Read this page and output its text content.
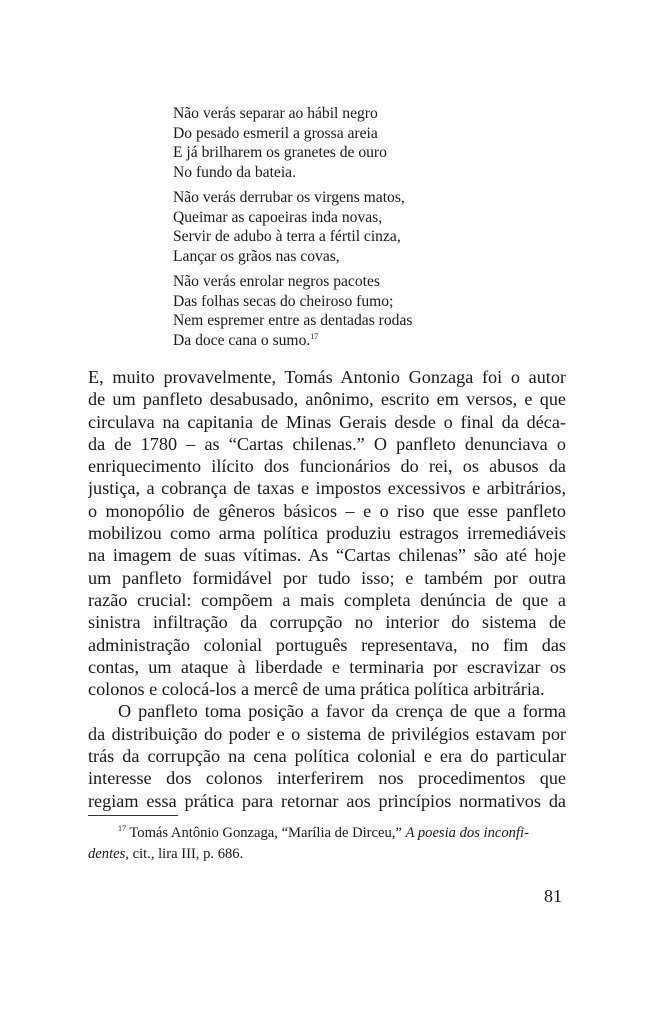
Não verás separar ao hábil negro
Do pesado esmeril a grossa areia
E já brilharem os granetes de ouro
No fundo da bateia.
Não verás derrubar os virgens matos,
Queimar as capoeiras inda novas,
Servir de adubo à terra a fértil cinza,
Lançar os grãos nas covas,
Não verás enrolar negros pacotes
Das folhas secas do cheiroso fumo;
Nem espremer entre as dentadas rodas
Da doce cana o sumo.$^{17}$
E, muito provavelmente, Tomás Antonio Gonzaga foi o autor
de um panfleto desabusado, anônimo, escrito em versos, e que
circulava na capitania de Minas Gerais desde o final da déca-
da de 1780 – as “Cartas chilenas.” O panfleto denunciava o
enriquecimento ilícito dos funcionários do rei, os abusos da
justiça, a cobrança de taxas e impostos excessivos e arbitrários,
o monopólio de gêneros básicos – e o riso que esse panfleto
mobilizou como arma política produziu estragos irremediáveis
na imagem de suas vítimas. As “Cartas chilenas” são até hoje
um panfleto formidável por tudo isso; e também por outra
razão crucial: compõem a mais completa denúncia de que a
sinistra infiltração da corrupção no interior do sistema de
administração colonial português representava, no fim das
contas, um ataque à liberdade e terminaria por escravizar os
colonos e colocá-los a mercê de uma prática política arbitrária.
O panfleto toma posição a favor da crença de que a forma
da distribuição do poder e o sistema de privilégios estavam por
trás da corrupção na cena política colonial e era do particular
interesse dos colonos interferirem nos procedimentos que
regiam essa prática para retornar aos princípios normativos da
$^{17}$ Tomás Antônio Gonzaga, “Marília de Dirceu,” A poesia dos inconfi-
dentes, cit., lira III, p. 686.
81
